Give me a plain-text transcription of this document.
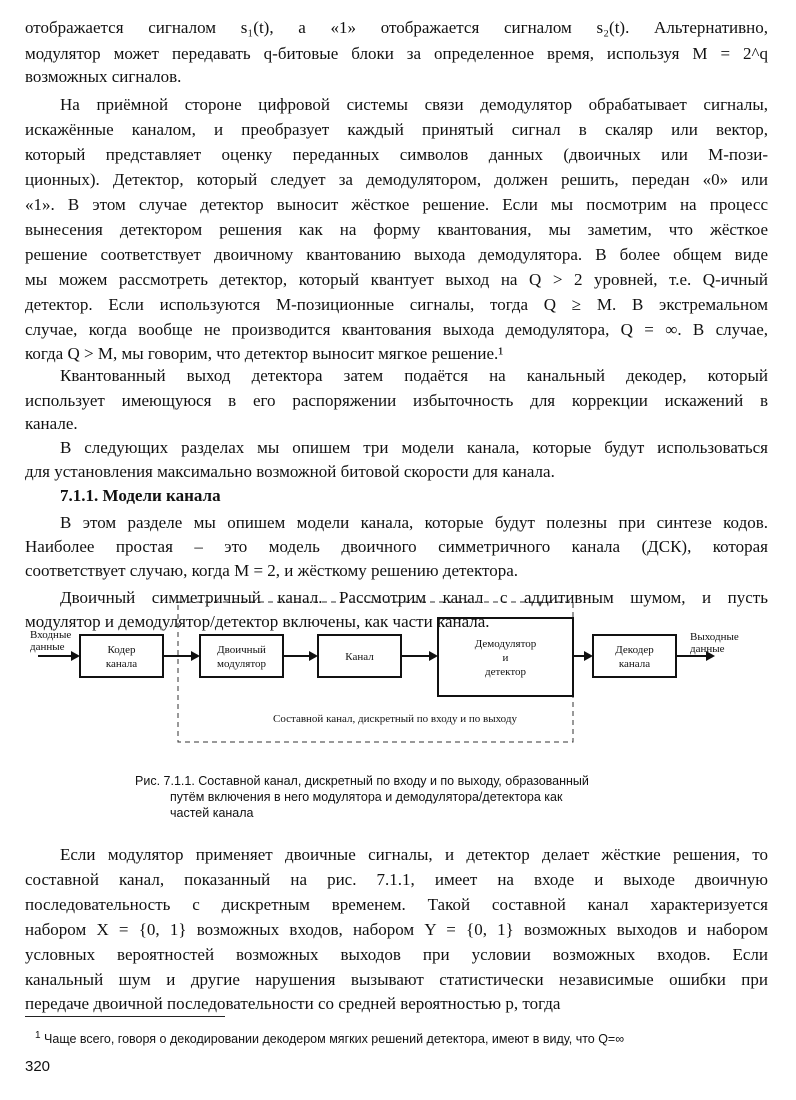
отображается сигналом s₁(t), а «1» отображается сигналом s₂(t). Альтернативно,
модулятор может передавать q-битовые блоки за определенное время, используя M = 2^q
возможных сигналов.
На приёмной стороне цифровой системы связи демодулятор обрабатывает сигналы,
искажённые каналом, и преобразует каждый принятый сигнал в скаляр или вектор,
который представляет оценку переданных символов данных (двоичных или M-пози-
ционных). Детектор, который следует за демодулятором, должен решить, передан «0» или
«1». В этом случае детектор выносит жёсткое решение. Если мы посмотрим на процесс
вынесения детектором решения как на форму квантования, мы заметим, что жёсткое
решение соответствует двоичному квантованию выхода демодулятора. В более общем виде
мы можем рассмотреть детектор, который квантует выход на Q > 2 уровней, т.е. Q-ичный
детектор. Если используются M-позиционные сигналы, тогда Q ≥ M. В экстремальном
случае, когда вообще не производится квантования выхода демодулятора, Q = ∞. В случае,
когда Q > M, мы говорим, что детектор выносит мягкое решение.¹
Квантованный выход детектора затем подаётся на канальный декодер, который
использует имеющуюся в его распоряжении избыточность для коррекции искажений в
канале.
В следующих разделах мы опишем три модели канала, которые будут использоваться
для установления максимально возможной битовой скорости для канала.
7.1.1. Модели канала
В этом разделе мы опишем модели канала, которые будут полезны при синтезе кодов.
Наиболее простая – это модель двоичного симметричного канала (ДСК), которая
соответствует случаю, когда M = 2, и жёсткому решению детектора.
Двоичный симметричный канал. Рассмотрим канал с аддитивным шумом, и пусть
модулятор и демодулятор/детектор включены, как части канала.
Если модулятор применяет двоичные сигналы, и детектор делает жёсткие решения, то
составной канал, показанный на рис. 7.1.1, имеет на входе и выходе двоичную
последовательность с дискретным временем. Такой составной канал характеризуется
набором X = {0, 1} возможных входов, набором Y = {0, 1} возможных выходов и набором
условных вероятностей возможных выходов при условии возможных входов. Если
канальный шум и другие нарушения вызывают статистически независимые ошибки при
передаче двоичной последовательности со средней вероятностью p, тогда
Кодер
канала
Двоичный
модулятор
Канал
Демодулятор
и
детектор
Декодер
канала
Входные
данные
Выходные
данные
Составной канал, дискретный по входу и по выходу
Рис. 7.1.1. Составной канал, дискретный по входу и по выходу, образованный
путём включения в него модулятора и демодулятора/детектора как
частей канала
$^1$ Чаще всего, говоря о декодировании декодером мягких решений детектора, имеют в виду, что Q=∞
320
